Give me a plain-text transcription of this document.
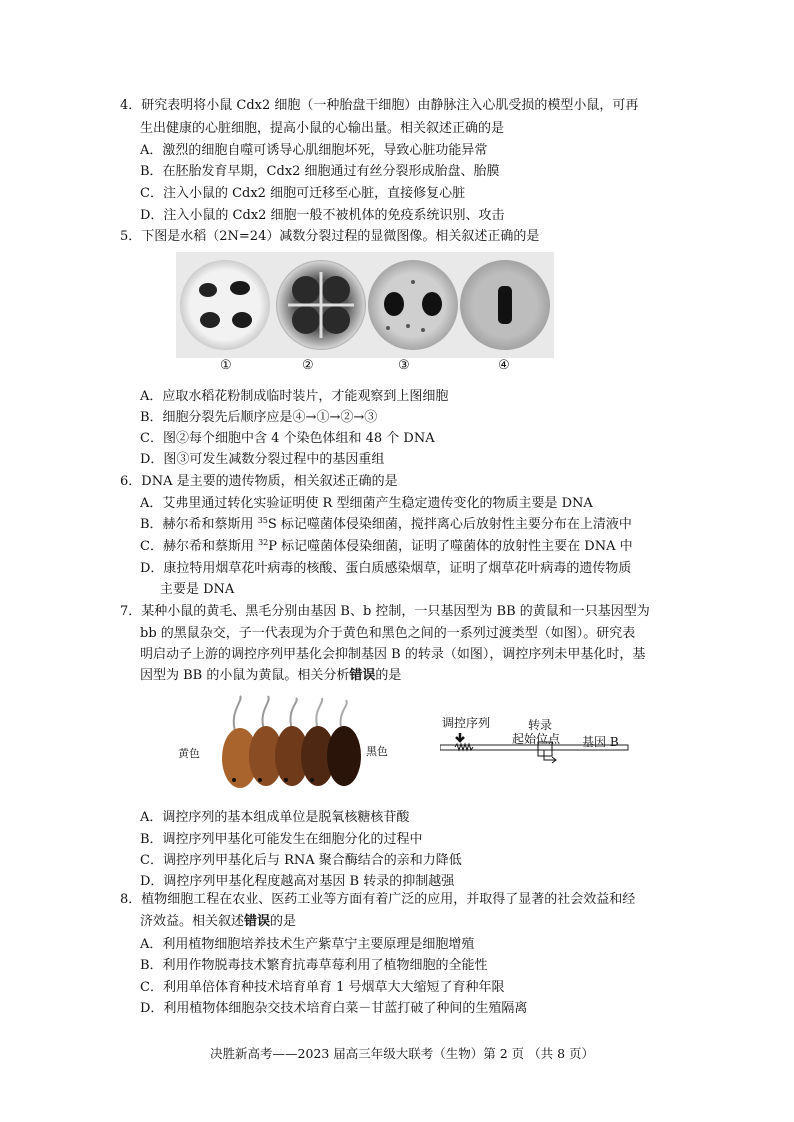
4．研究表明将小鼠 Cdx2 细胞（一种胎盘干细胞）由静脉注入心肌受损的模型小鼠，可再
生出健康的心脏细胞，提高小鼠的心输出量。相关叙述正确的是
A．激烈的细胞自噬可诱导心肌细胞坏死，导致心脏功能异常
B．在胚胎发育早期，Cdx2 细胞通过有丝分裂形成胎盘、胎膜
C．注入小鼠的 Cdx2 细胞可迁移至心脏，直接修复心脏
D．注入小鼠的 Cdx2 细胞一般不被机体的免疫系统识别、攻击
5．下图是水稻（2N=24）减数分裂过程的显微图像。相关叙述正确的是
①	②	③	④
A．应取水稻花粉制成临时装片，才能观察到上图细胞
B．细胞分裂先后顺序应是④→①→②→③
C．图②每个细胞中含 4 个染色体组和 48 个 DNA
D．图③可发生减数分裂过程中的基因重组
6．DNA 是主要的遗传物质，相关叙述正确的是
A．艾弗里通过转化实验证明使 R 型细菌产生稳定遗传变化的物质主要是 DNA
B．赫尔希和蔡斯用 $^{35}$S 标记噬菌体侵染细菌，搅拌离心后放射性主要分布在上清液中
C．赫尔希和蔡斯用 $^{32}$P 标记噬菌体侵染细菌，证明了噬菌体的放射性主要在 DNA 中
D．康拉特用烟草花叶病毒的核酸、蛋白质感染烟草，证明了烟草花叶病毒的遗传物质
主要是 DNA
7．某种小鼠的黄毛、黑毛分别由基因 B、b 控制，一只基因型为 BB 的黄鼠和一只基因型为
bb 的黑鼠杂交，子一代表现为介于黄色和黑色之间的一系列过渡类型（如图）。研究表
明启动子上游的调控序列甲基化会抑制基因 B 的转录（如图），调控序列未甲基化时，基
因型为 BB 的小鼠为黄鼠。相关分析错误的是
黄色	黑色
调控序列	转录
起始位点 基因 B
A．调控序列的基本组成单位是脱氧核糖核苷酸
B．调控序列甲基化可能发生在细胞分化的过程中
C．调控序列甲基化后与 RNA 聚合酶结合的亲和力降低
D．调控序列甲基化程度越高对基因 B 转录的抑制越强
8．植物细胞工程在农业、医药工业等方面有着广泛的应用，并取得了显著的社会效益和经
济效益。相关叙述错误的是
A．利用植物细胞培养技术生产紫草宁主要原理是细胞增殖
B．利用作物脱毒技术繁育抗毒草莓利用了植物细胞的全能性
C．利用单倍体育种技术培育单育 1 号烟草大大缩短了育种年限
D．利用植物体细胞杂交技术培育白菜－甘蓝打破了种间的生殖隔离
决胜新高考——2023 届高三年级大联考（生物）第 2 页 （共 8 页）
